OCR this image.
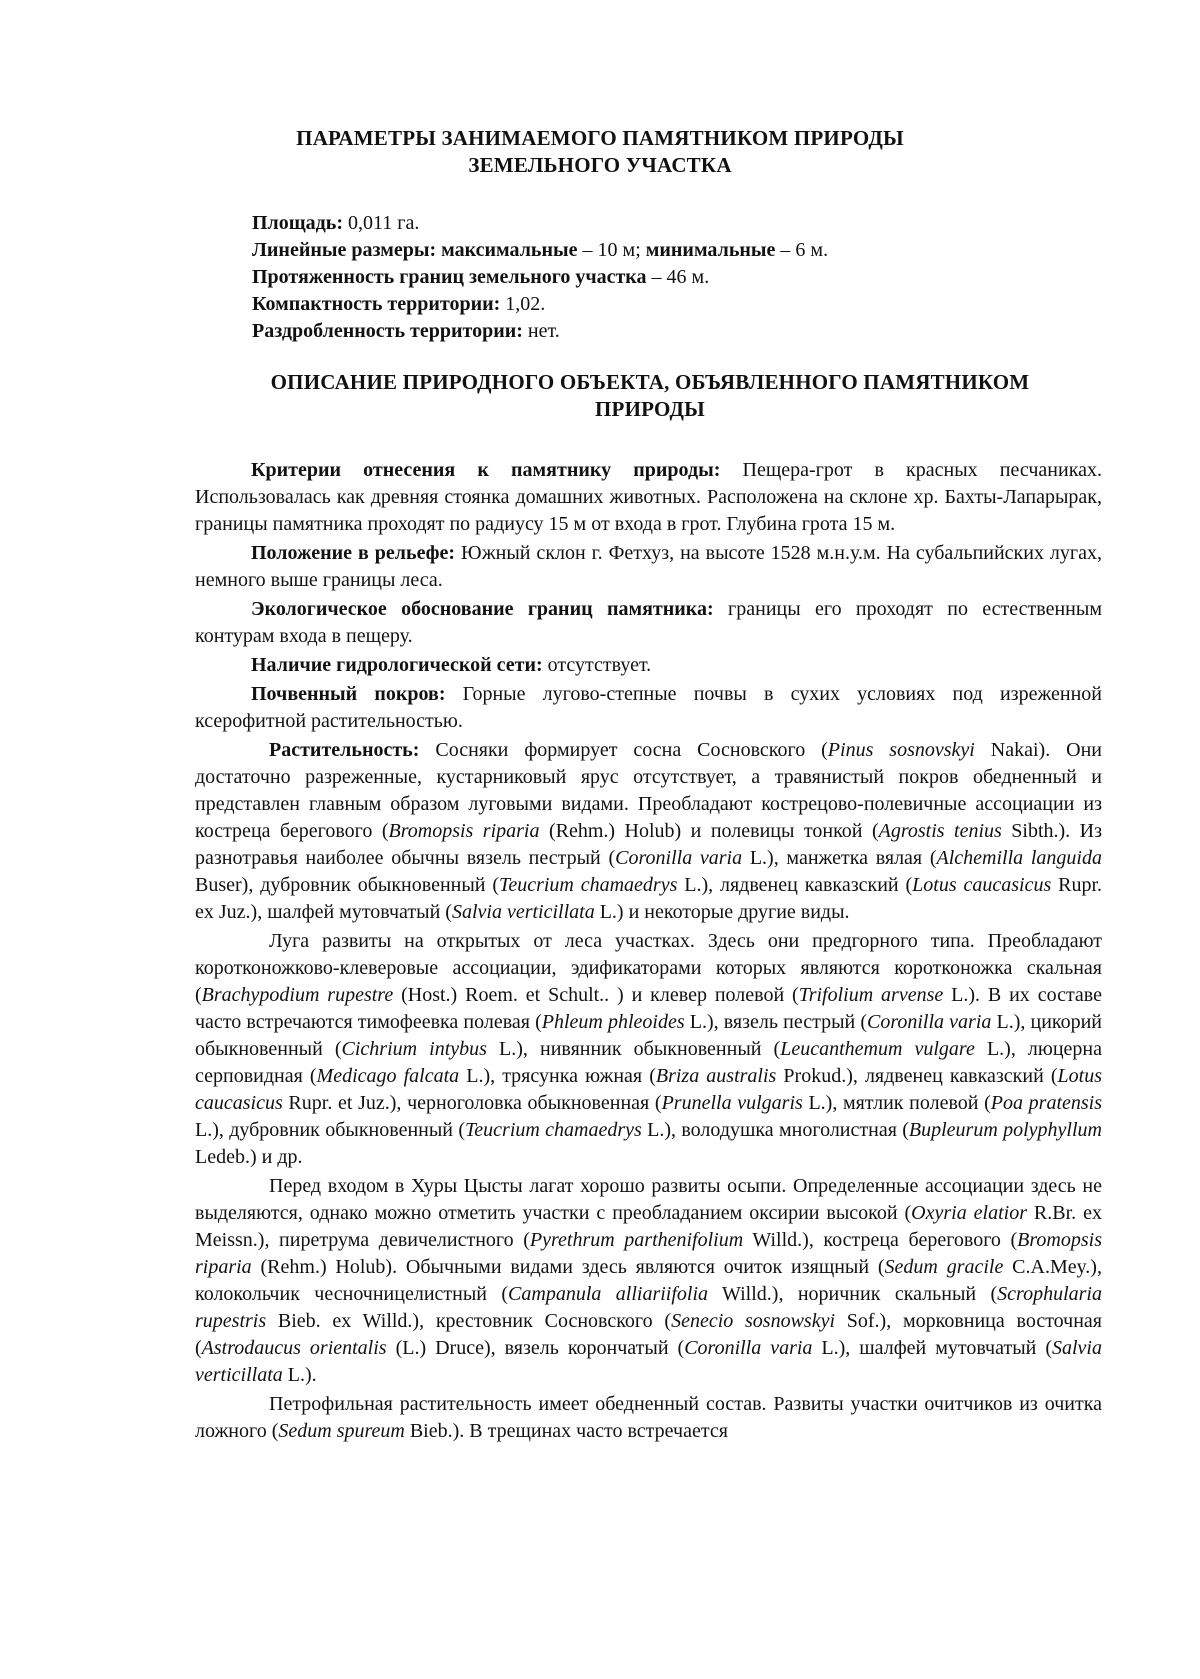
ПАРАМЕТРЫ ЗАНИМАЕМОГО ПАМЯТНИКОМ ПРИРОДЫ
ЗЕМЕЛЬНОГО УЧАСТКА
Площадь: 0,011 га.
Линейные размеры: максимальные – 10 м; минимальные – 6 м.
Протяженность границ земельного участка – 46 м.
Компактность территории: 1,02.
Раздробленность территории: нет.
ОПИСАНИЕ ПРИРОДНОГО ОБЪЕКТА, ОБЪЯВЛЕННОГО ПАМЯТНИКОМ
ПРИРОДЫ

Критерии отнесения к памятнику природы: Пещера-грот в красных песчаниках. Использовалась как древняя стоянка домашних животных. Расположена на склоне хр. Бахты-Лапарырак, границы памятника проходят по радиусу 15 м от входа в грот. Глубина грота 15 м.

Положение в рельефе: Южный склон г. Фетхуз, на высоте 1528 м.н.у.м. На субальпийских лугах, немного выше границы леса.

Экологическое обоснование границ памятника: границы его проходят по естественным контурам входа в пещеру.

Наличие гидрологической сети: отсутствует.

Почвенный покров: Горные лугово-степные почвы в сухих условиях под изреженной ксерофитной растительностью.

Растительность: Сосняки формирует сосна Сосновского (Pinus sosnovskyi Nakai). Они достаточно разреженные, кустарниковый ярус отсутствует, а травянистый покров обедненный и представлен главным образом луговыми видами. Преобладают кострецово-полевичные ассоциации из костреца берегового (Bromopsis riparia (Rehm.) Holub) и полевицы тонкой (Agrostis tenius Sibth.). Из разнотравья наиболее обычны вязель пестрый (Coronilla varia L.), манжетка вялая (Alchemilla languida Buser), дубровник обыкновенный (Teucrium chamaedrys L.), лядвенец кавказский (Lotus caucasicus Rupr. ex Juz.), шалфей мутовчатый (Salvia verticillata L.) и некоторые другие виды.

Луга развиты на открытых от леса участках. Здесь они предгорного типа. Преобладают коротконожково-клеверовые ассоциации, эдификаторами которых являются коротконожка скальная (Brachypodium rupestre (Host.) Roem. et Schult.. ) и клевер полевой (Trifolium arvense L.). В их составе часто встречаются тимофеевка полевая (Phleum phleoides L.), вязель пестрый (Coronilla varia L.), цикорий обыкновенный (Cichrium intybus L.), нивянник обыкновенный (Leucanthemum vulgare L.), люцерна серповидная (Medicago falcata L.), трясунка южная (Briza australis Prokud.), лядвенец кавказский (Lotus caucasicus Rupr. et Juz.), черноголовка обыкновенная (Prunella vulgaris L.), мятлик полевой (Poa pratensis L.), дубровник обыкновенный (Teucrium chamaedrys L.), володушка многолистная (Bupleurum polyphyllum Ledeb.) и др.

Перед входом в Хуры Цысты лагат хорошо развиты осыпи. Определенные ассоциации здесь не выделяются, однако можно отметить участки с преобладанием оксирии высокой (Oxyria elatior R.Br. ex Meissn.), пиретрума девичелистного (Pyrethrum parthenifolium Willd.), костреца берегового (Bromopsis riparia (Rehm.) Holub). Обычными видами здесь являются очиток изящный (Sedum gracile C.A.Mey.), колокольчик чесночницелистный (Campanula alliariifolia Willd.), норичник скальный (Scrophularia rupestris Bieb. ex Willd.), крестовник Сосновского (Senecio sosnowskyi Sof.), морковница восточная (Astrodaucus orientalis (L.) Druce), вязель корончатый (Coronilla varia L.), шалфей мутовчатый (Salvia verticillata L.).

Петрофильная растительность имеет обедненный состав. Развиты участки очитчиков из очитка ложного (Sedum spureum Bieb.). В трещинах часто встречается
